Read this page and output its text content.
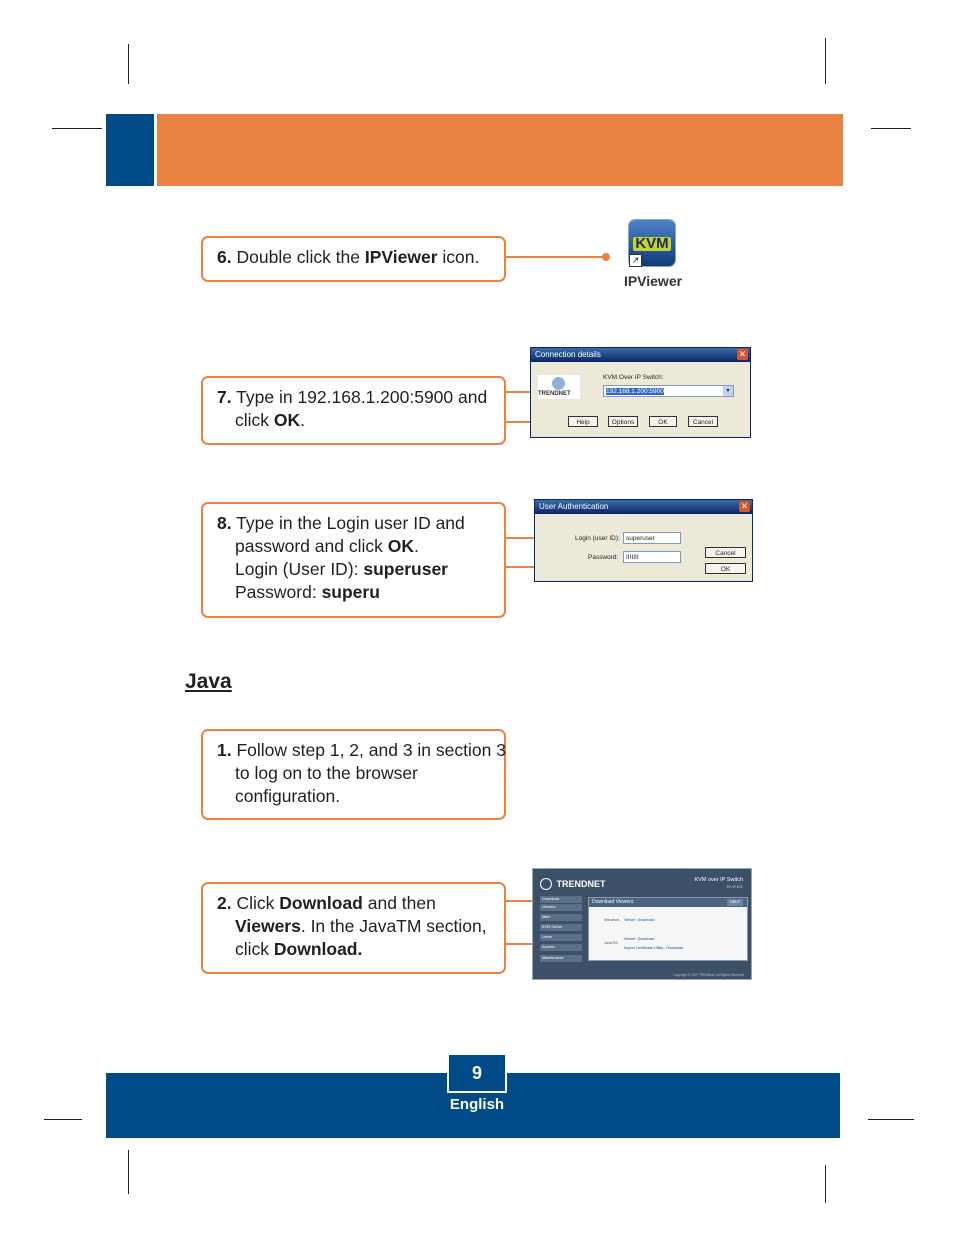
6. Double click the IPViewer icon.
KVM
↗
IPViewer
7. Type in 192.168.1.200:5900 and
click OK.
Connection details	✕
TRENDNET
KVM Over IP Switch:
192.168.1.200:5900	▾
Help	Options	OK	Cancel
8. Type in the Login user ID and
password and click OK.
Login (User ID): superuser
Password: superu
User Authentication	✕
Login (user ID): superuser
Password:	IIIIIII
Cancel
OK
Java
1. Follow step 1, 2, and 3 in section 3
to log on to the browser
configuration.
2. Click Download and then
Viewers. In the JavaTM section,
click Download.
TRENDNET	KVM over IP Switch
TK-IP101
Download
Viewers
Main
KVM Server
Users
Access
Maintenance
Download Viewers	HELP
Windows Viewer: Download
JavaTM
Viewer: Download
Import Certificate Utility : Download
Copyright © 2007 TRENDnet. All Rights Reserved.
9
English
